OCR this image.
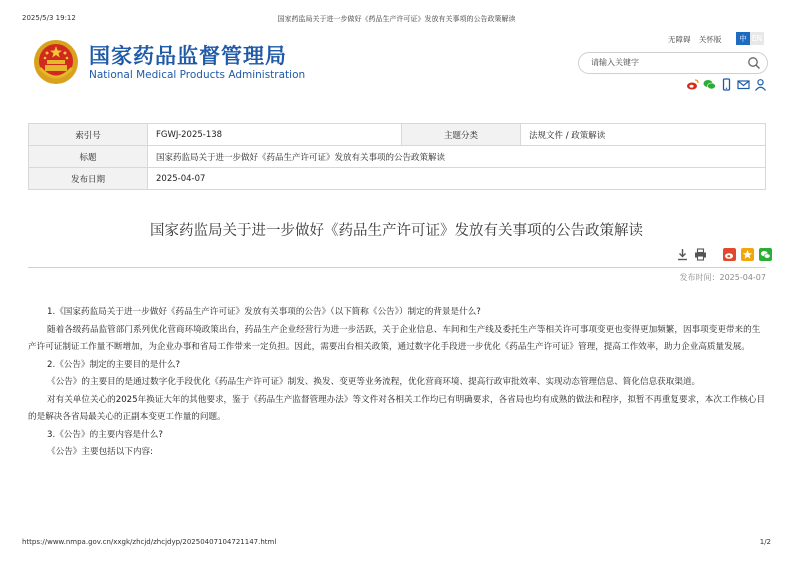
2025/5/3 19:12	国家药监局关于进一步做好《药品生产许可证》发放有关事项的公告政策解读
国家药品监督管理局
National Medical Products Administration
无障碍 关怀版	中 EN
请输入关键字
索引号	FGWJ-2025-138	主题分类	法规文件 / 政策解读
标题	国家药监局关于进一步做好《药品生产许可证》发放有关事项的公告政策解读		
发布日期	2025-04-07		
国家药监局关于进一步做好《药品生产许可证》发放有关事项的公告政策解读
发布时间：2025-04-07

1.《国家药监局关于进一步做好《药品生产许可证》发放有关事项的公告》（以下简称《公告》）制定的背景是什么?

随着各级药品监管部门系列优化营商环境政策出台，药品生产企业经营行为进一步活跃，关于企业信息、车间和生产线及委托生产等相关许可事项变更也变得更加频繁，因事项变更带来的生产许可证制证工作量不断增加，为企业办事和省局工作带来一定负担。因此，需要出台相关政策，通过数字化手段进一步优化《药品生产许可证》管理，提高工作效率，助力企业高质量发展。

2.《公告》制定的主要目的是什么?

《公告》的主要目的是通过数字化手段优化《药品生产许可证》制发、换发、变更等业务流程，优化营商环境、提高行政审批效率、实现动态管理信息、简化信息获取渠道。

对有关单位关心的2025年换证大年的其他要求，鉴于《药品生产监督管理办法》等文件对各相关工作均已有明确要求，各省局也均有成熟的做法和程序，拟暂不再重复要求，本次工作核心目的是解决各省局最关心的正副本变更工作量的问题。

3.《公告》的主要内容是什么?

《公告》主要包括以下内容:

https://www.nmpa.gov.cn/xxgk/zhcjd/zhcjdyp/20250407104721147.html	1/2
